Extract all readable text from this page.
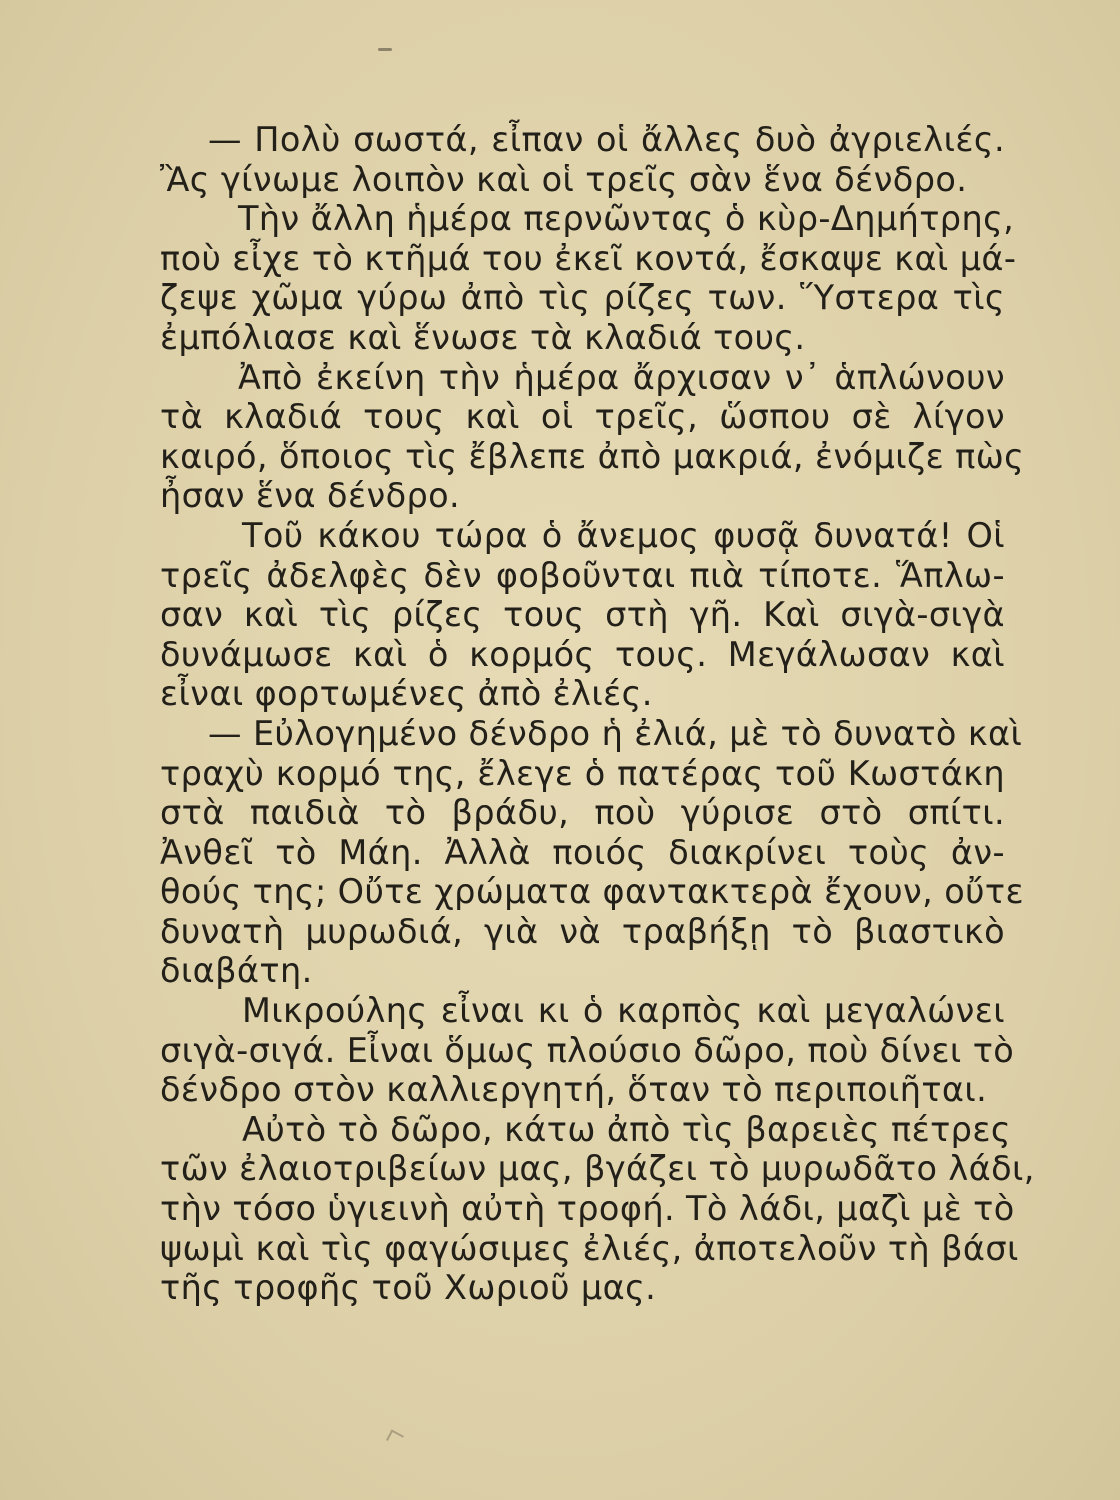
— Πολὺ σωστά, εἶπαν οἱ ἄλλες δυὸ ἀγριελιές.
Ἂς γίνωμε λοιπὸν καὶ οἱ τρεῖς σὰν ἕνα δένδρο.
Τὴν ἄλλη ἡμέρα περνῶντας ὁ κὺρ-Δημήτρης,
ποὺ εἶχε τὸ κτῆμά του ἐκεῖ κοντά, ἔσκαψε καὶ μά-
ζεψε χῶμα γύρω ἀπὸ τὶς ρίζες των. Ὕστερα τὶς
ἐμπόλιασε καὶ ἕνωσε τὰ κλαδιά τους.
Ἀπὸ ἐκείνη τὴν ἡμέρα ἄρχισαν ν᾽ ἁπλώνουν
τὰ κλαδιά τους καὶ οἱ τρεῖς, ὥσπου σὲ λίγον
καιρό, ὅποιος τὶς ἔβλεπε ἀπὸ μακριά, ἐνόμιζε πὼς
ἦσαν ἕνα δένδρο.
Τοῦ κάκου τώρα ὁ ἄνεμος φυσᾷ δυνατά! Οἱ
τρεῖς ἀδελφὲς δὲν φοβοῦνται πιὰ τίποτε. Ἅπλω-
σαν καὶ τὶς ρίζες τους στὴ γῆ. Καὶ σιγὰ-σιγὰ
δυνάμωσε καὶ ὁ κορμός τους. Μεγάλωσαν καὶ
εἶναι φορτωμένες ἀπὸ ἐλιές.
— Εὐλογημένο δένδρο ἡ ἐλιά, μὲ τὸ δυνατὸ καὶ
τραχὺ κορμό της, ἔλεγε ὁ πατέρας τοῦ Κωστάκη
στὰ παιδιὰ τὸ βράδυ, ποὺ γύρισε στὸ σπίτι.
Ἀνθεῖ τὸ Μάη. Ἀλλὰ ποιός διακρίνει τοὺς ἀν-
θούς της; Οὔτε χρώματα φαντακτερὰ ἔχουν, οὔτε
δυνατὴ μυρωδιά, γιὰ νὰ τραβήξῃ τὸ βιαστικὸ
διαβάτη.
Μικρούλης εἶναι κι ὁ καρπὸς καὶ μεγαλώνει
σιγὰ-σιγά. Εἶναι ὅμως πλούσιο δῶρο, ποὺ δίνει τὸ
δένδρο στὸν καλλιεργητή, ὅταν τὸ περιποιῆται.
Αὐτὸ τὸ δῶρο, κάτω ἀπὸ τὶς βαρειὲς πέτρες
τῶν ἐλαιοτριβείων μας, βγάζει τὸ μυρωδᾶτο λάδι,
τὴν τόσο ὑγιεινὴ αὐτὴ τροφή. Τὸ λάδι, μαζὶ μὲ τὸ
ψωμὶ καὶ τὶς φαγώσιμες ἐλιές, ἀποτελοῦν τὴ βάσι
τῆς τροφῆς τοῦ Χωριοῦ μας.
